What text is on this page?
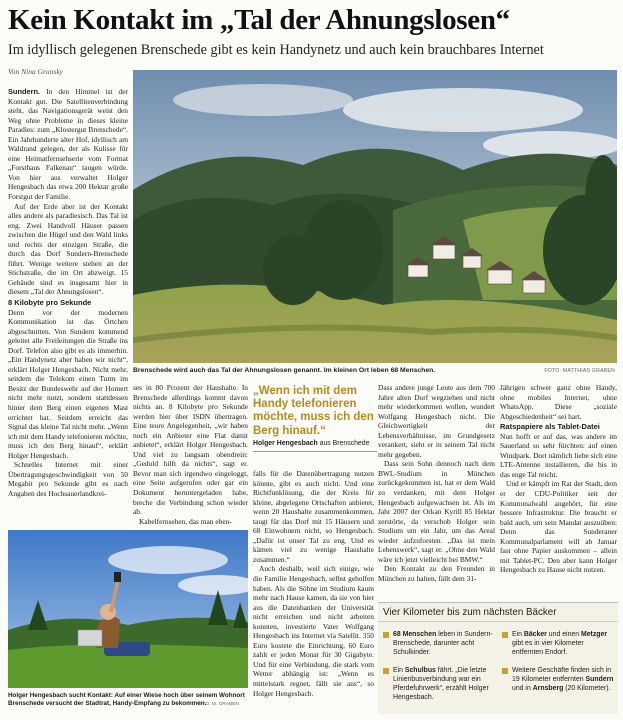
Kein Kontakt im „Tal der Ahnungslosen“
Im idyllisch gelegenen Brenschede gibt es kein Handynetz und auch kein brauchbares Internet
Von Nina Grunsky

Sundern. In den Himmel ist der Kontakt gut. Die Satellitenverbindung steht, das Navigationsgerät weist den Weg ohne Probleme in dieses kleine Paradies: zum „Klostergut Brenschede“. Ein Jahrhunderte alter Hof, idyllisch am Waldrand gelegen, der als Kulisse für eine Heimatfernsehserie vom Format „Forsthaus Falkenau“ taugen würde. Von hier aus verwaltet Holger Hengesbach das etwa 200 Hektar große Forstgut der Familie.

Auf der Erde aber ist der Kontakt alles andere als paradiesisch. Das Tal ist eng. Zwei Handvoll Häuser passen zwischen die Hügel und den Wald links und rechts der einzigen Straße, die durch das Dorf Sundern-Brenschede führt. Wenige weitere stehen an der Stichstraße, die im Ort abzweigt. 15 Gebäude sind es insgesamt hier in diesem „Tal der Ahnungslosen“.

8 Kilobyte pro Sekunde

Denn vor der modernen Kommunikation ist das Örtchen abgeschnitten. Von Sundern kommend geleitet alle Freileitungen die Straße ins Dorf. Telefon also gibt es als immerhin. „Ein Handynetz aber haben wir nicht“, erklärt Holger Hengesbach. Nicht mehr, seitdem die Telekom einen Turm im Besitz der Bundeswehr auf der Homert nicht mehr nutzt, sondern stattdessen hinter dem Berg einen eigenen Mast errichtet hat. Seitdem erreicht das Signal das kleine Tal nicht mehr. „Wenn ich mit dem Handy telefonieren möchte, muss ich den Berg hinauf“, erklärt Holger Hengesbach.

Schnelles Internet mit einer Übertragungsgeschwindigkeit von 50 Megabit pro Sekunde gibt es nach Angaben des Hochsauerlandkrei-

Brenschede wird auch das Tal der Ahnungslosen genannt. Im kleinen Ort leben 68 Menschen.	FOTO: MATTHIAS GRABEN

ses in 80 Prozent der Haushalte. In Brenschede allerdings kommt davon nichts an. 8 Kilobyte pro Sekunde werden hier über ISDN übertragen. Eine teure Angelegenheit, „wir haben noch ein Anbieter eine Flat damit anbietet“, erklärt Holger Hengesbach. Und viel zu langsam obendrein: „Geduld hilft da nichts“, sagt er. Bevor man sich irgendwo eingeloggt, eine Seite aufgerufen oder gar ein Dokument heruntergeladen habe, breche die Verbindung schon wieder ab.

Kabelfernsehen, das man eben-

„Wenn ich mit dem Handy telefonieren möchte, muss ich den Berg hinauf.“
Holger Hengesbach aus Brenschede

falls für die Datenübertragung nutzen könnte, gibt es auch nicht. Und eine Richtfunklösung, die der Kreis für kleine, abgelegene Ortschaften anbietet, wenn 20 Haushalte zusammenkommen, taugt für das Dorf mit 15 Häusern und 68 Einwohnern nicht, so Hengesbach. „Dafür ist unser Tal zu eng. Und es kämen viel zu wenige Haushalte zusammen.“

Auch deshalb, weil sich einige, wie die Familie Hengesbach, selbst geholfen haben. Als die Söhne im Studium kaum mehr nach Hause kamen, da sie von hier aus die Datenbanken der Universität nicht erreichen und nicht arbeiten konnten, investierte Vater Wolfgang Hengesbach ins Internet via Satellit. 350 Euro kostete die Einrichtung, 60 Euro zahlt er jeden Monat für 30 Gigabyte. Und für eine Verbindung, die stark vom Wetter abhängig ist: „Wenn es mittelstark regnet, fällt sie aus“, so Holger Hengesbach.

Dass andere junge Leute aus dem 700 Jahre alten Dorf wegziehen und nicht mehr wiederkommen wollen, wundert Wolfgang Hengesbach nicht. Die Gleichwertigkeit der Lebensverhältnisse, im Grundgesetz verankert, sieht er in seinem Tal nicht mehr gegeben.

Dass sein Sohn dennoch nach dem BWL-Studium in München zurückgekommen ist, hat er dem Wald zu verdanken, mit dem Holger Hengesbach aufgewachsen ist. Als im Jahr 2007 der Orkan Kyrill 85 Hektar zerstörte, da verschob Holger sein Studium um ein Jahr, um das Areal wieder aufzuforsten. „Das ist mein Lebenswerk“, sagt er. „Ohne den Wald wäre ich jetzt vielleicht bei BMW.“

Den Kontakt zu den Freunden in München zu halten, fällt dem 31-

Jährigen schwer ganz ohne Handy, ohne mobiles Internet, ohne WhatsApp. Diese „soziale Abgeschiedenheit“ sei hart.

Ratspapiere als Tablet-Datei

Nun hofft er auf das, was andere im Sauerland so sehr fürchten: auf einen Windpark. Dort nämlich liebe sich eine LTE-Antenne installieren, die bis in das enge Tal reicht.

Und er kämpft im Rat der Stadt, dem er der CDU-Politiker seit der Kommunalwahl angehört, für eine bessere Infrastruktur. Die braucht er bald auch, um sein Mandat auszuüben: Denn das Sunderaner Kommunalparlament will ab Januar fast ohne Papier auskommen – allein mit Tablet-PC. Den aber kann Holger Hengesbach zu Hause nicht nutzen.

Holger Hengesbach sucht Kontakt: Auf einer Wiese hoch über seinem Wohnort Brenschede versucht der Stadtrat, Handy-Empfang zu bekommen.
FOTO: M. GRABEN
Vier Kilometer bis zum nächsten Bäcker
68 Menschen leben in Sundern-Brenschede, darunter acht Schulkinder.
Ein Bäcker und einen Metzger gibt es in vier Kilometer entfernten Endorf.
Ein Schulbus fährt. „Die letzte Linienbusverbindung war ein Pferdefuhrwerk“, erzählt Holger Hengesbach.
Weitere Geschäfte finden sich in 19 Kilometer entfernten Sundern und in Arnsberg (20 Kilometer).
